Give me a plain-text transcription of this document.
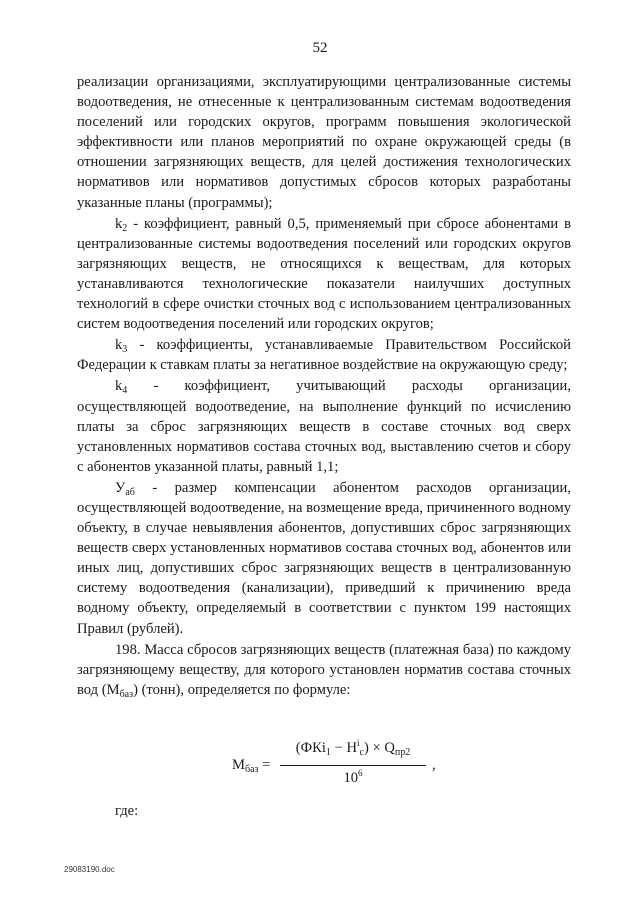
52

реализации организациями, эксплуатирующими централизованные системы водоотведения, не отнесенные к централизованным системам водоотведения поселений или городских округов, программ повышения экологической эффективности или планов мероприятий по охране окружающей среды (в отношении загрязняющих веществ, для целей достижения технологических нормативов или нормативов допустимых сбросов которых разработаны указанные планы (программы);

$k_2$ - коэффициент, равный 0,5, применяемый при сбросе абонентами в централизованные системы водоотведения поселений или городских округов загрязняющих веществ, не относящихся к веществам, для которых устанавливаются технологические показатели наилучших доступных технологий в сфере очистки сточных вод с использованием централизованных систем водоотведения поселений или городских округов;

$k_3$ - коэффициенты, устанавливаемые Правительством Российской Федерации к ставкам платы за негативное воздействие на окружающую среду;

$k_4$ - коэффициент, учитывающий расходы организации, осуществляющей водоотведение, на выполнение функций по исчислению платы за сброс загрязняющих веществ в составе сточных вод сверх установленных нормативов состава сточных вод, выставлению счетов и сбору с абонентов указанной платы, равный 1,1;

$У_{аб}$ - размер компенсации абонентом расходов организации, осуществляющей водоотведение, на возмещение вреда, причиненного водному объекту, в случае невыявления абонентов, допустивших сброс загрязняющих веществ сверх установленных нормативов состава сточных вод, абонентов или иных лиц, допустивших сброс загрязняющих веществ в централизованную систему водоотведения (канализации), приведший к причинению вреда водному объекту, определяемый в соответствии с пунктом 199 настоящих Правил (рублей).

198. Масса сбросов загрязняющих веществ (платежная база) по каждому загрязняющему веществу, для которого установлен норматив состава сточных вод $(М_{баз})$ (тонн), определяется по формуле:

$M_{баз}$ =
$(ФКi_1 - H^i_с) \times Q_{пр2}$
$10^6$	,
где:
29083190.doc
